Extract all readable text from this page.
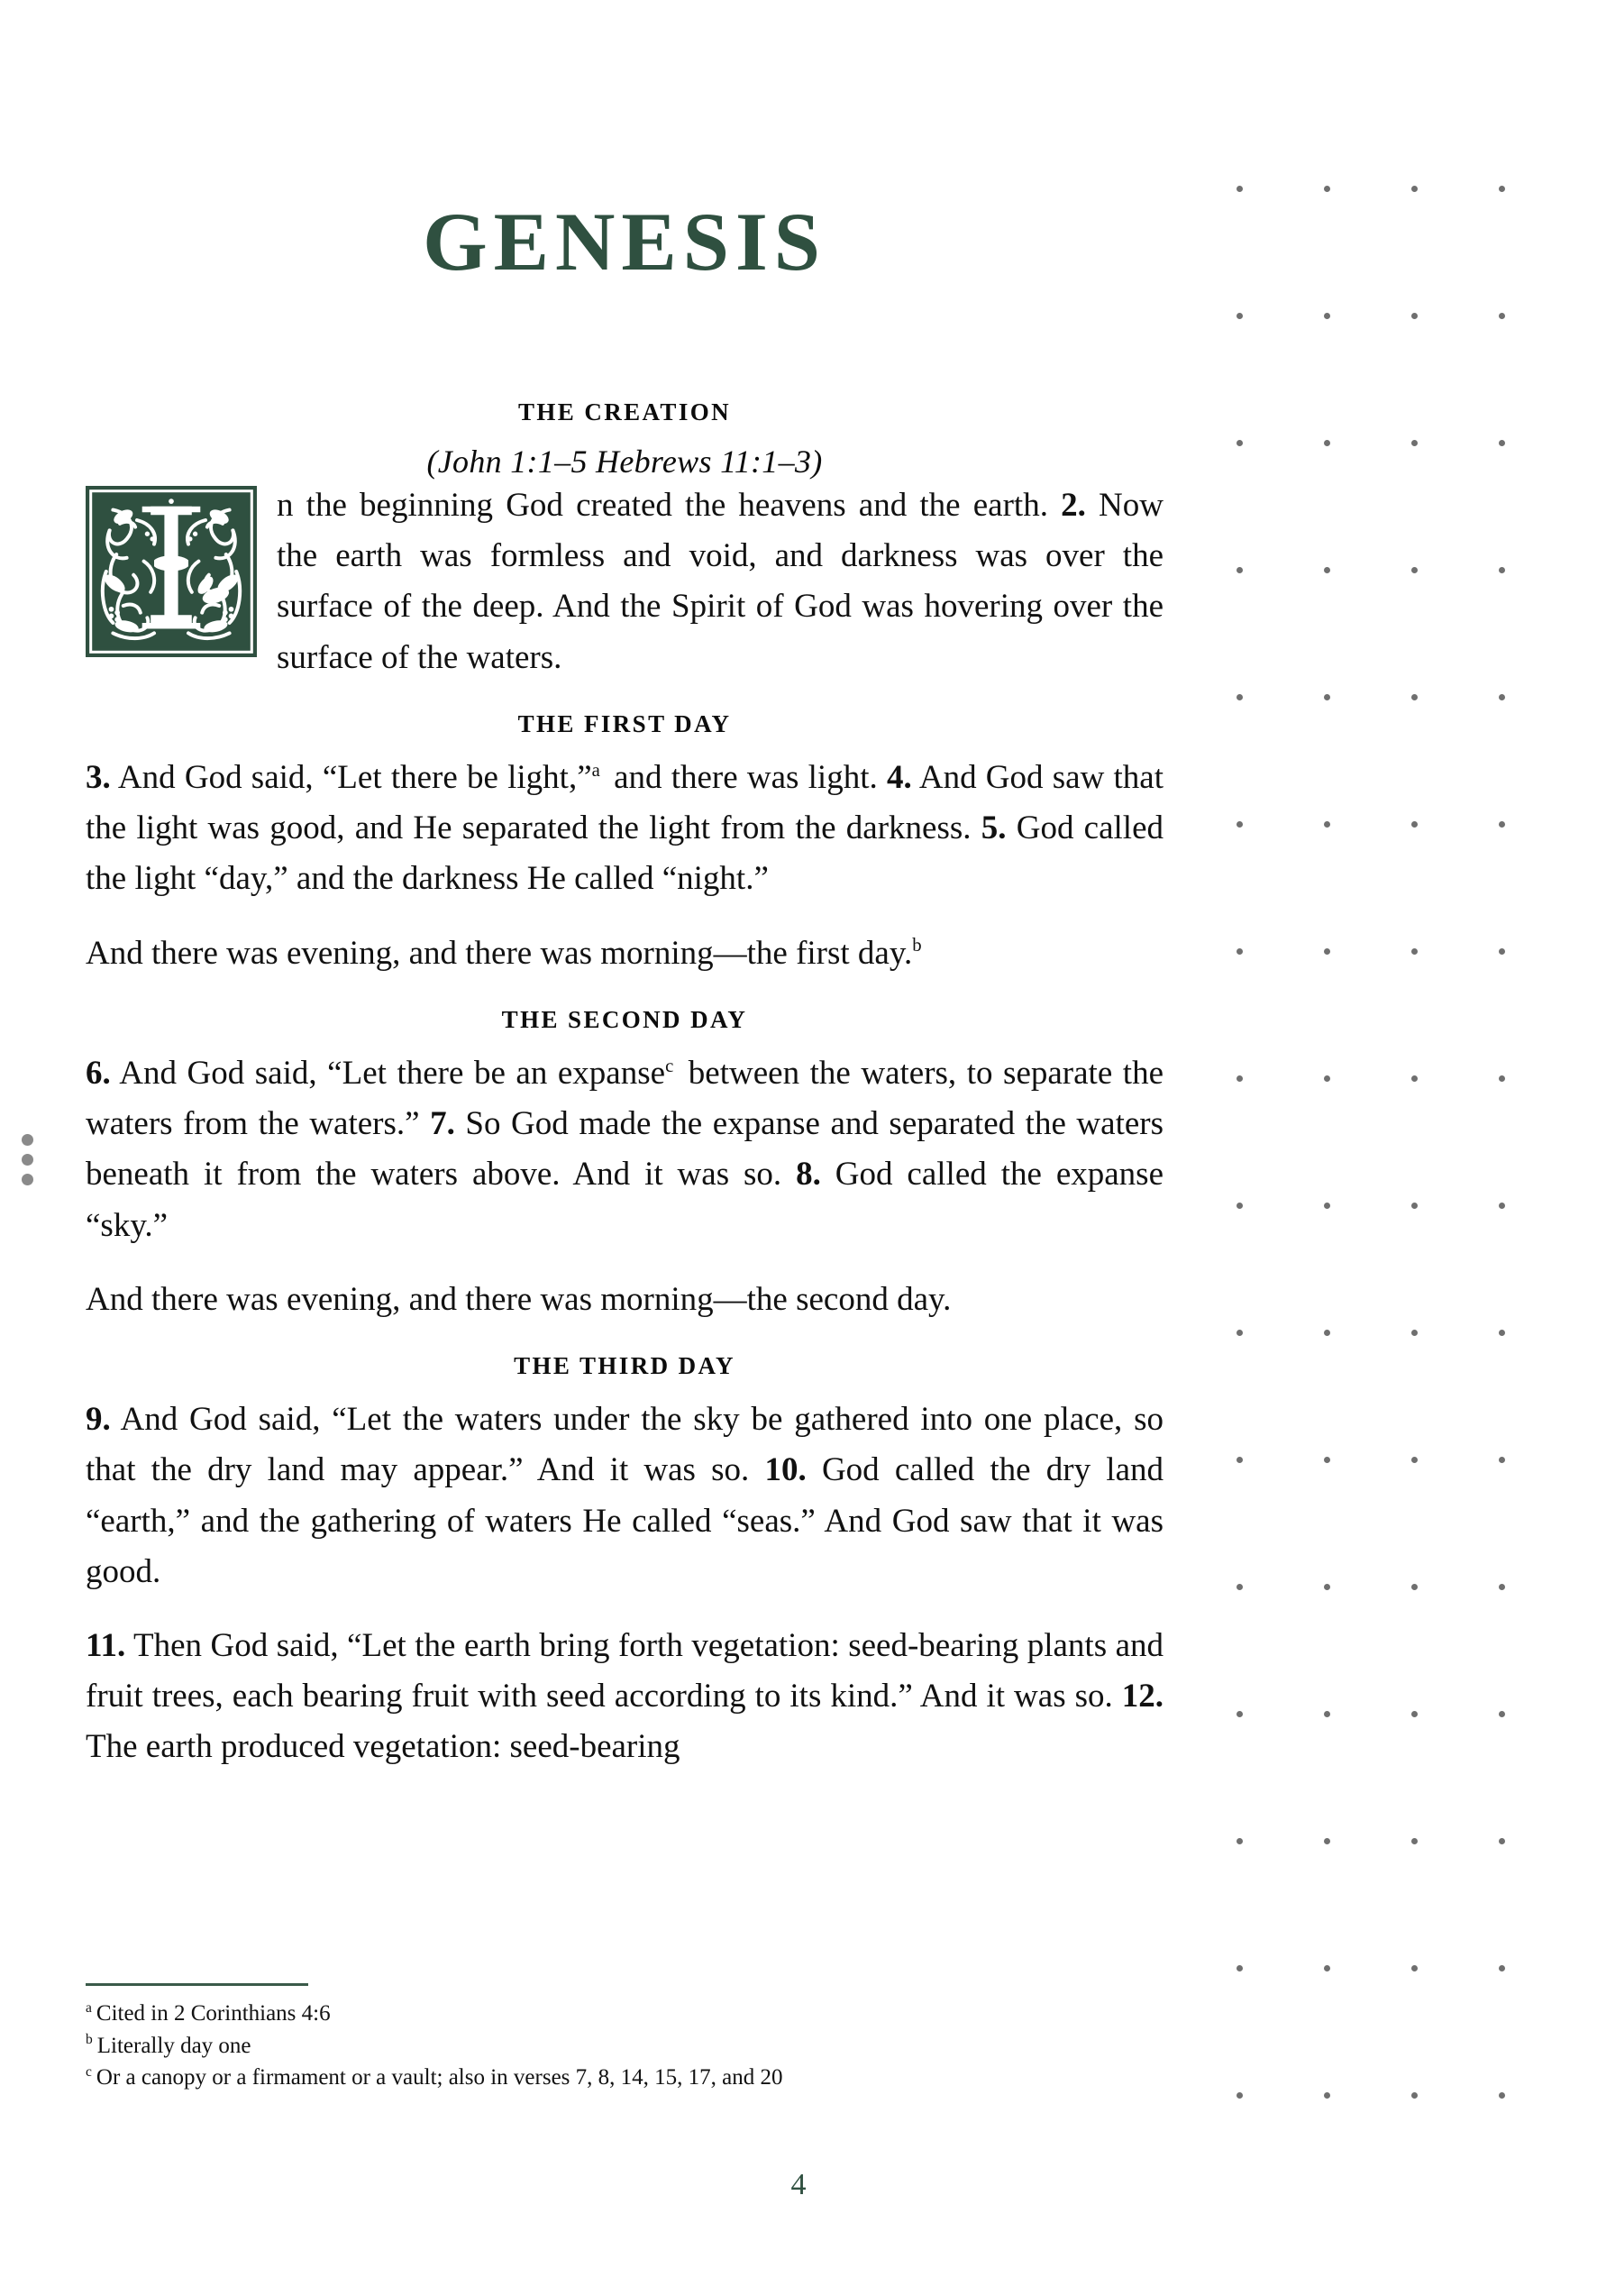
GENESIS
THE CREATION
(John 1:1–5 Hebrews 11:1–3)

n the beginning God created the heavens and the earth. 2. Now the earth was formless and void, and darkness was over the surface of the deep. And the Spirit of God was hovering over the surface of the waters.

THE FIRST DAY

3. And God said, “Let there be light,”$^a$ and there was light. 4. And God saw that the light was good, and He separated the light from the darkness. 5. God called the light “day,” and the darkness He called “night.”

And there was evening, and there was morning—the first day.$^b$

THE SECOND DAY

6. And God said, “Let there be an expanse$^c$ between the waters, to separate the waters from the waters.” 7. So God made the expanse and separated the waters beneath it from the waters above. And it was so. 8. God called the expanse “sky.”

And there was evening, and there was morning—the second day.

THE THIRD DAY

9. And God said, “Let the waters under the sky be gathered into one place, so that the dry land may appear.” And it was so. 10. God called the dry land “earth,” and the gathering of waters He called “seas.” And God saw that it was good.

11. Then God said, “Let the earth bring forth vegetation: seed-bearing plants and fruit trees, each bearing fruit with seed according to its kind.” And it was so. 12. The earth produced vegetation: seed-bearing

$^a$ Cited in 2 Corinthians 4:6

$^b$ Literally day one

$^c$ Or a canopy or a firmament or a vault; also in verses 7, 8, 14, 15, 17, and 20

4
